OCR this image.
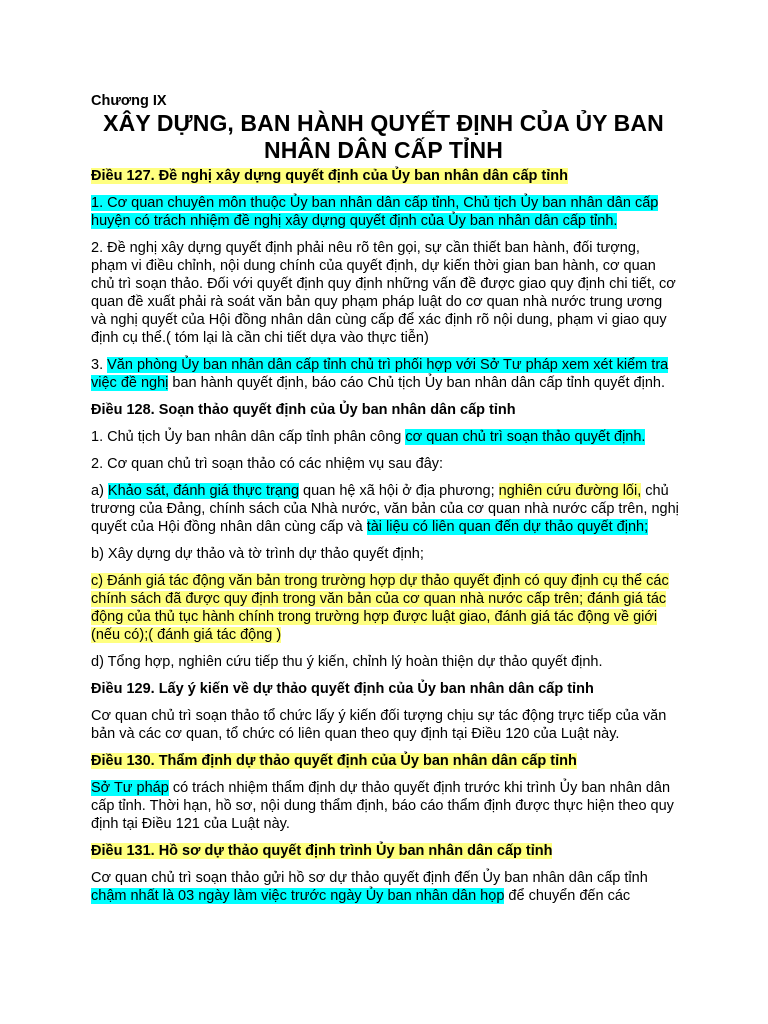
Chương IX

XÂY DỰNG, BAN HÀNH QUYẾT ĐỊNH CỦA ỦY BAN
NHÂN DÂN CẤP TỈNH

Điều 127. Đề nghị xây dựng quyết định của Ủy ban nhân dân cấp tỉnh

1. Cơ quan chuyên môn thuộc Ủy ban nhân dân cấp tỉnh, Chủ tịch Ủy ban nhân dân cấp huyện có trách nhiệm đề nghị xây dựng quyết định của Ủy ban nhân dân cấp tỉnh.

2. Đề nghị xây dựng quyết định phải nêu rõ tên gọi, sự cần thiết ban hành, đối tượng, phạm vi điều chỉnh, nội dung chính của quyết định, dự kiến thời gian ban hành, cơ quan chủ trì soạn thảo. Đối với quyết định quy định những vấn đề được giao quy định chi tiết, cơ quan đề xuất phải rà soát văn bản quy phạm pháp luật do cơ quan nhà nước trung ương và nghị quyết của Hội đồng nhân dân cùng cấp để xác định rõ nội dung, phạm vi giao quy định cụ thể.( tóm lại là cần chi tiết dựa vào thực tiễn)

3. Văn phòng Ủy ban nhân dân cấp tỉnh chủ trì phối hợp với Sở Tư pháp xem xét kiểm tra việc đề nghị ban hành quyết định, báo cáo Chủ tịch Ủy ban nhân dân cấp tỉnh quyết định.

Điều 128. Soạn thảo quyết định của Ủy ban nhân dân cấp tỉnh

1. Chủ tịch Ủy ban nhân dân cấp tỉnh phân công cơ quan chủ trì soạn thảo quyết định.

2. Cơ quan chủ trì soạn thảo có các nhiệm vụ sau đây:

a) Khảo sát, đánh giá thực trạng quan hệ xã hội ở địa phương; nghiên cứu đường lối, chủ trương của Đảng, chính sách của Nhà nước, văn bản của cơ quan nhà nước cấp trên, nghị quyết của Hội đồng nhân dân cùng cấp và tài liệu có liên quan đến dự thảo quyết định;

b) Xây dựng dự thảo và tờ trình dự thảo quyết định;

c) Đánh giá tác động văn bản trong trường hợp dự thảo quyết định có quy định cụ thể các chính sách đã được quy định trong văn bản của cơ quan nhà nước cấp trên; đánh giá tác động của thủ tục hành chính trong trường hợp được luật giao, đánh giá tác động về giới (nếu có);( đánh giá tác động )

d) Tổng hợp, nghiên cứu tiếp thu ý kiến, chỉnh lý hoàn thiện dự thảo quyết định.

Điều 129. Lấy ý kiến về dự thảo quyết định của Ủy ban nhân dân cấp tỉnh

Cơ quan chủ trì soạn thảo tổ chức lấy ý kiến đối tượng chịu sự tác động trực tiếp của văn bản và các cơ quan, tổ chức có liên quan theo quy định tại Điều 120 của Luật này.

Điều 130. Thẩm định dự thảo quyết định của Ủy ban nhân dân cấp tỉnh

Sở Tư pháp có trách nhiệm thẩm định dự thảo quyết định trước khi trình Ủy ban nhân dân cấp tỉnh. Thời hạn, hồ sơ, nội dung thẩm định, báo cáo thẩm định được thực hiện theo quy định tại Điều 121 của Luật này.

Điều 131. Hồ sơ dự thảo quyết định trình Ủy ban nhân dân cấp tỉnh

Cơ quan chủ trì soạn thảo gửi hồ sơ dự thảo quyết định đến Ủy ban nhân dân cấp tỉnh chậm nhất là 03 ngày làm việc trước ngày Ủy ban nhân dân họp để chuyển đến các
